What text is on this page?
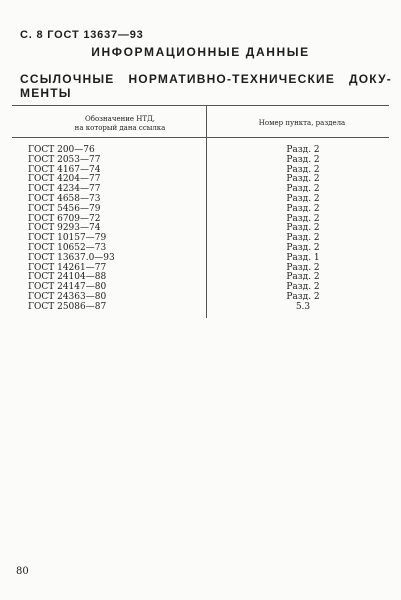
С. 8 ГОСТ 13637—93
ИНФОРМАЦИОННЫЕ ДАННЫЕ
ССЫЛОЧНЫЕ НОРМАТИВНО-ТЕХНИЧЕСКИЕ ДОКУ-
МЕНТЫ
Обозначение НТД,
на который дана ссылка
Номер пункта, раздела
ГОСТ 200—76	Разд. 2
ГОСТ 2053—77	Разд. 2
ГОСТ 4167—74	Разд. 2
ГОСТ 4204—77	Разд. 2
ГОСТ 4234—77	Разд. 2
ГОСТ 4658—73	Разд. 2
ГОСТ 5456—79	Разд. 2
ГОСТ 6709—72	Разд. 2
ГОСТ 9293—74	Разд. 2
ГОСТ 10157—79	Разд. 2
ГОСТ 10652—73	Разд. 2
ГОСТ 13637.0—93	Разд. 1
ГОСТ 14261—77	Разд. 2
ГОСТ 24104—88	Разд. 2
ГОСТ 24147—80	Разд. 2
ГОСТ 24363—80	Разд. 2
ГОСТ 25086—87	5.3
80
